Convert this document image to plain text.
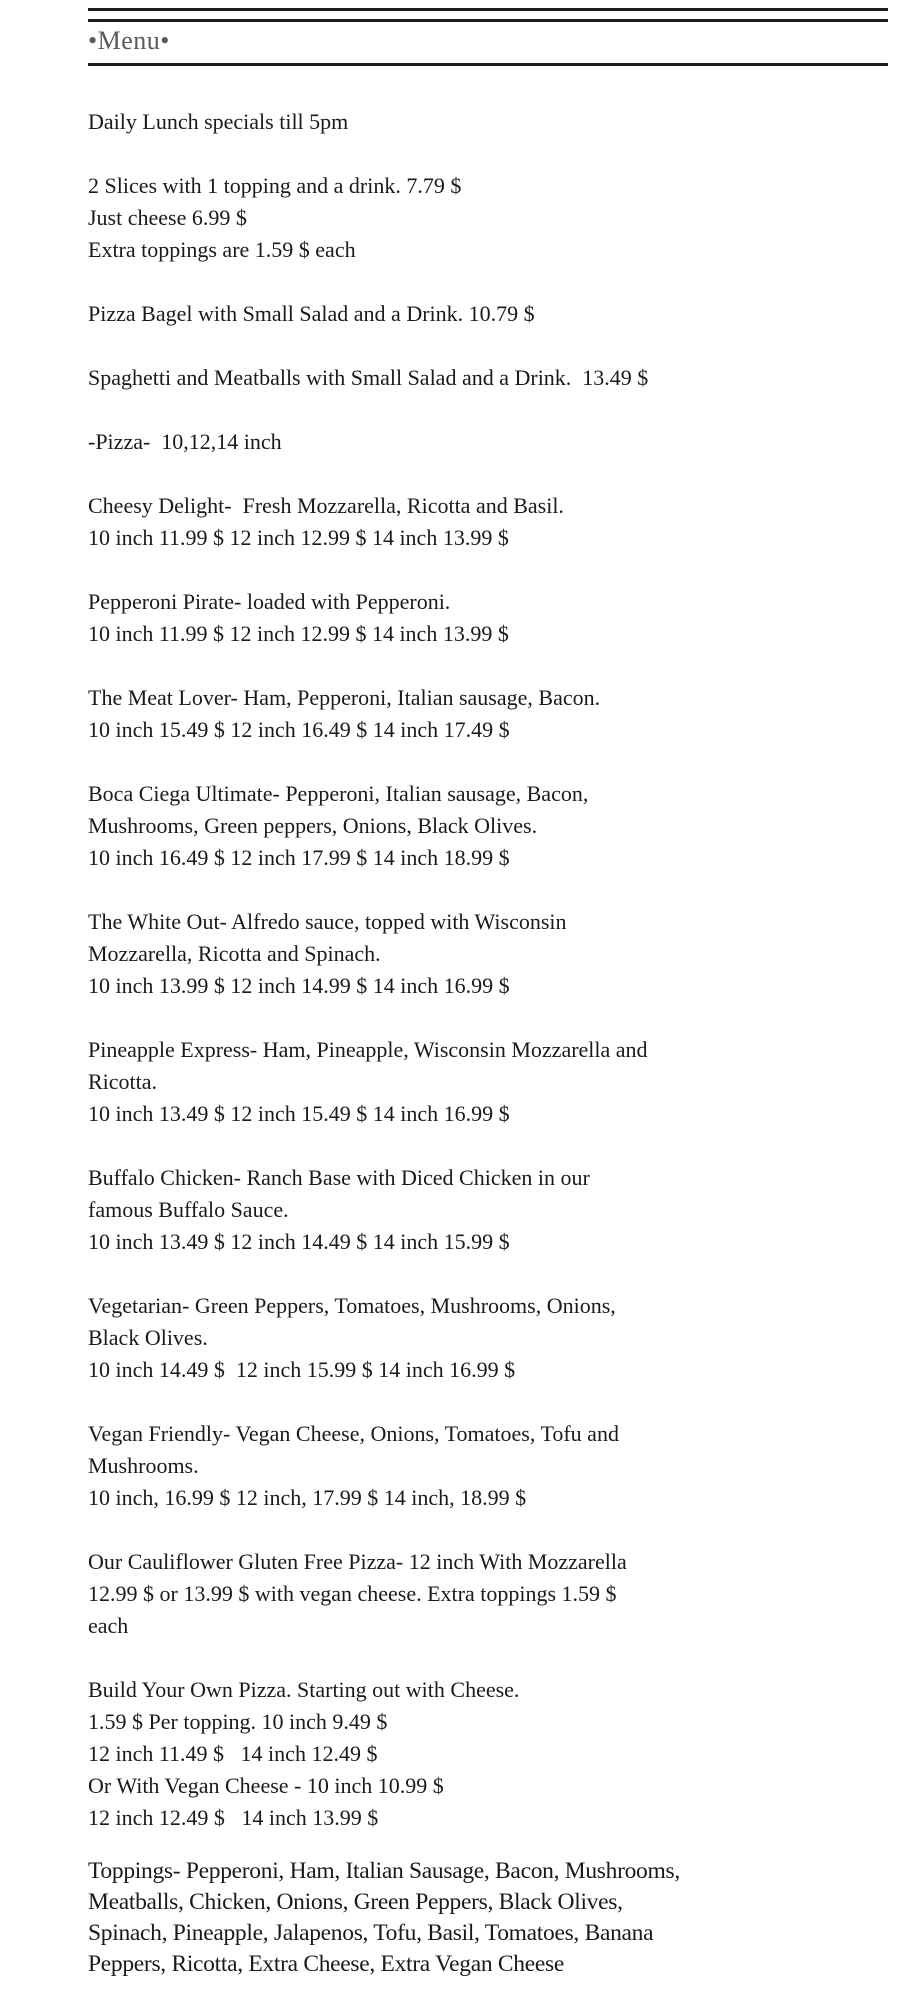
•Menu•

Daily Lunch specials till 5pm

2 Slices with 1 topping and a drink. 7.79 $
Just cheese 6.99 $
Extra toppings are 1.59 $ each

Pizza Bagel with Small Salad and a Drink. 10.79 $

Spaghetti and Meatballs with Small Salad and a Drink.  13.49 $

-Pizza-  10,12,14 inch

Cheesy Delight-  Fresh Mozzarella, Ricotta and Basil.
10 inch 11.99 $ 12 inch 12.99 $ 14 inch 13.99 $

Pepperoni Pirate- loaded with Pepperoni.
10 inch 11.99 $ 12 inch 12.99 $ 14 inch 13.99 $

The Meat Lover- Ham, Pepperoni, Italian sausage, Bacon.
10 inch 15.49 $ 12 inch 16.49 $ 14 inch 17.49 $

Boca Ciega Ultimate- Pepperoni, Italian sausage, Bacon,
Mushrooms, Green peppers, Onions, Black Olives.
10 inch 16.49 $ 12 inch 17.99 $ 14 inch 18.99 $

The White Out- Alfredo sauce, topped with Wisconsin
Mozzarella, Ricotta and Spinach.
10 inch 13.99 $ 12 inch 14.99 $ 14 inch 16.99 $

Pineapple Express- Ham, Pineapple, Wisconsin Mozzarella and
Ricotta.
10 inch 13.49 $ 12 inch 15.49 $ 14 inch 16.99 $

Buffalo Chicken- Ranch Base with Diced Chicken in our
famous Buffalo Sauce.
10 inch 13.49 $ 12 inch 14.49 $ 14 inch 15.99 $

Vegetarian- Green Peppers, Tomatoes, Mushrooms, Onions,
Black Olives.
10 inch 14.49 $  12 inch 15.99 $ 14 inch 16.99 $

Vegan Friendly- Vegan Cheese, Onions, Tomatoes, Tofu and
Mushrooms.
10 inch, 16.99 $ 12 inch, 17.99 $ 14 inch, 18.99 $

Our Cauliflower Gluten Free Pizza- 12 inch With Mozzarella
12.99 $ or 13.99 $ with vegan cheese. Extra toppings 1.59 $
each

Build Your Own Pizza. Starting out with Cheese.
1.59 $ Per topping. 10 inch 9.49 $
12 inch 11.49 $   14 inch 12.49 $
Or With Vegan Cheese - 10 inch 10.99 $
12 inch 12.49 $   14 inch 13.99 $

Toppings- Pepperoni, Ham, Italian Sausage, Bacon, Mushrooms,
Meatballs, Chicken, Onions, Green Peppers, Black Olives,
Spinach, Pineapple, Jalapenos, Tofu, Basil, Tomatoes, Banana
Peppers, Ricotta, Extra Cheese, Extra Vegan Cheese
